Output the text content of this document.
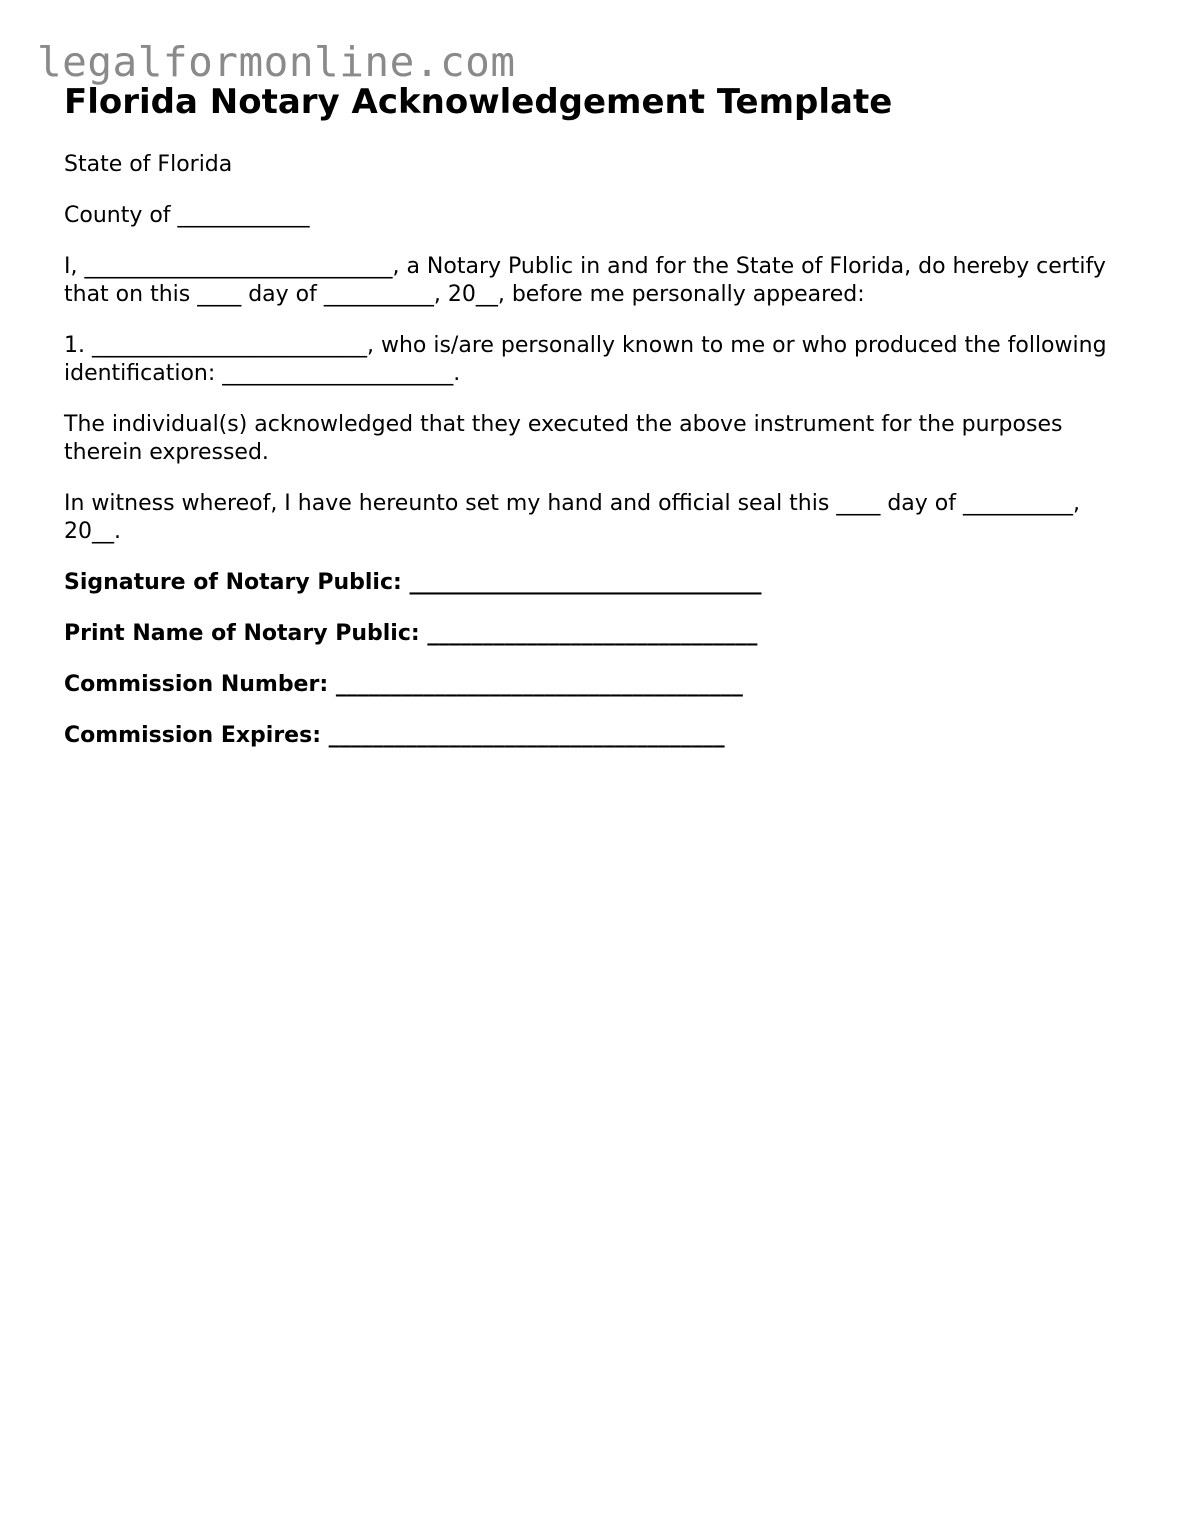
legalformonline.com
Florida Notary Acknowledgement Template

State of Florida

County of ____________

I, ____________________________, a Notary Public in and for the State of Florida, do hereby certify that on this ____ day of __________, 20__, before me personally appeared:

1. _________________________, who is/are personally known to me or who produced the following identification: _____________________.

The individual(s) acknowledged that they executed the above instrument for the purposes therein expressed.

In witness whereof, I have hereunto set my hand and official seal this ____ day of __________, 20__.

Signature of Notary Public: ________________________________

Print Name of Notary Public: ______________________________

Commission Number: _____________________________________

Commission Expires: ____________________________________
